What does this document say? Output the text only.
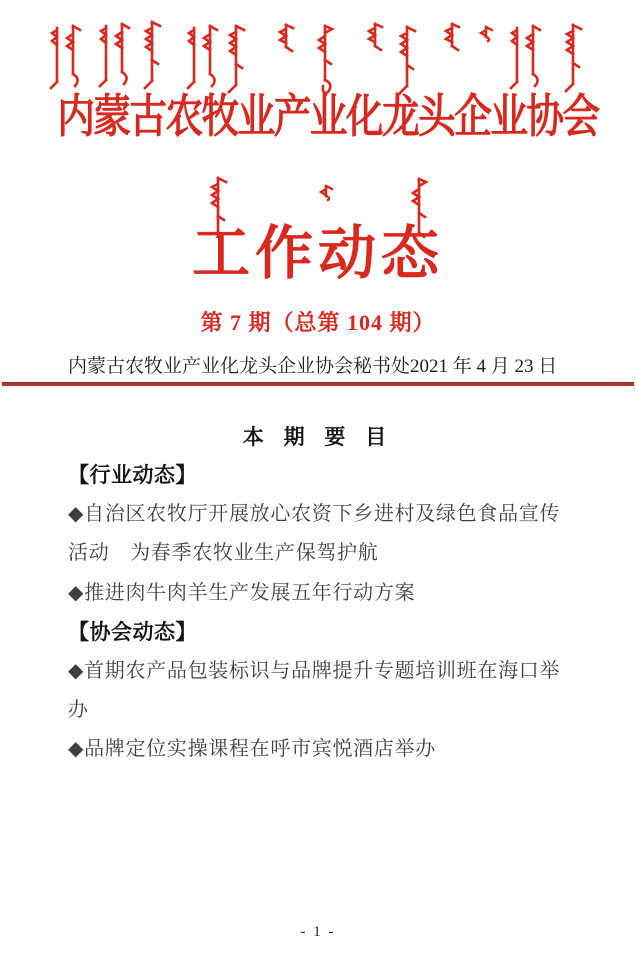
内蒙古农牧业产业化龙头企业协会
工作动态
第 7 期（总第 104 期）
内蒙古农牧业产业化龙头企业协会秘书处 2021 年 4 月 23 日
本 期 要 目
【行业动态】
◆自治区农牧厅开展放心农资下乡进村及绿色食品宣传
活动　为春季农牧业生产保驾护航
◆推进肉牛肉羊生产发展五年行动方案
【协会动态】
◆首期农产品包装标识与品牌提升专题培训班在海口举
办
◆品牌定位实操课程在呼市宾悦酒店举办
- 1 -
